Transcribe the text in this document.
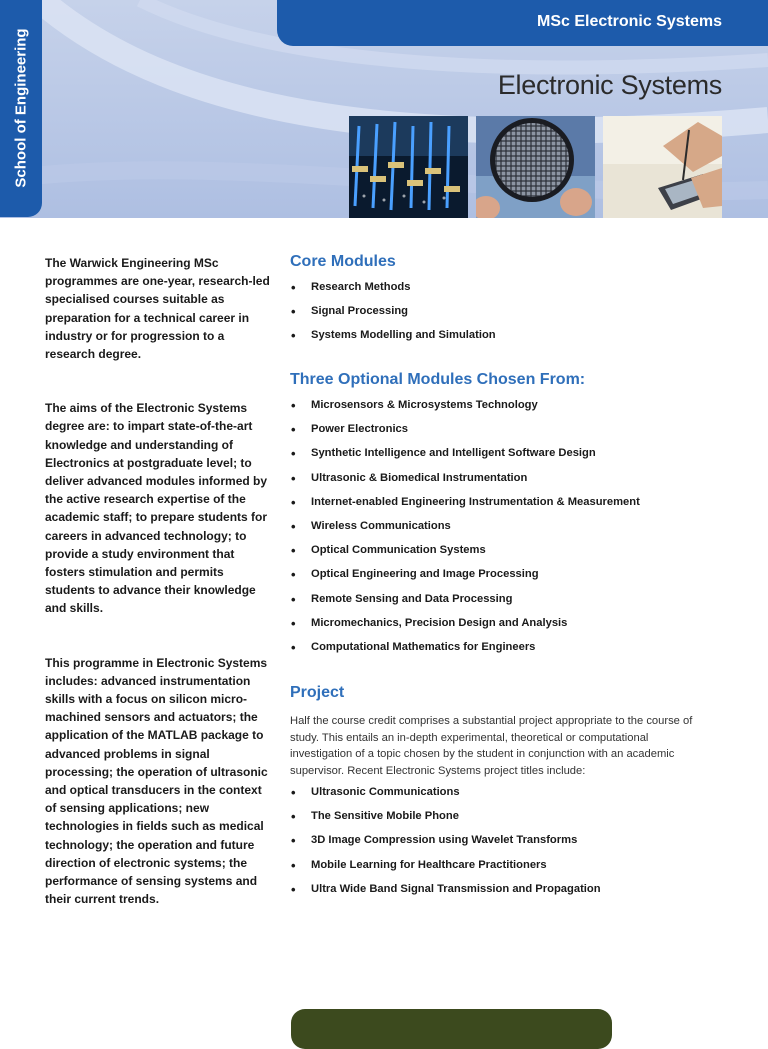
School of Engineering
MSc Electronic Systems
Electronic Systems

The Warwick Engineering MSc programmes are one-year, research-led specialised courses suitable as preparation for a technical career in industry or for progression to a research degree.

The aims of the Electronic Systems degree are: to impart state-of-the-art knowledge and understanding of Electronics at postgraduate level; to deliver advanced modules informed by the active research expertise of the academic staff; to prepare students for careers in advanced technology; to provide a study environment that fosters stimulation and permits students to advance their knowledge and skills.

This programme in Electronic Systems includes: advanced instrumentation skills with a focus on silicon micro-machined sensors and actuators; the application of the MATLAB package to advanced problems in signal processing; the operation of ultrasonic and optical transducers in the context of sensing applications; new technologies in fields such as medical technology; the operation and future direction of electronic systems; the performance of sensing systems and their current trends.

Core Modules
• Research Methods
• Signal Processing
• Systems Modelling and Simulation
Three Optional Modules Chosen From:
• Microsensors & Microsystems Technology
• Power Electronics
• Synthetic Intelligence and Intelligent Software Design
• Ultrasonic & Biomedical Instrumentation
• Internet-enabled Engineering Instrumentation & Measurement
• Wireless Communications
• Optical Communication Systems
• Optical Engineering and Image Processing
• Remote Sensing and Data Processing
• Micromechanics, Precision Design and Analysis
• Computational Mathematics for Engineers
Project

Half the course credit comprises a substantial project appropriate to the course of study. This entails an in-depth experimental, theoretical or computational investigation of a topic chosen by the student in conjunction with an academic supervisor. Recent Electronic Systems project titles include:

• Ultrasonic Communications
• The Sensitive Mobile Phone
• 3D Image Compression using Wavelet Transforms
• Mobile Learning for Healthcare Practitioners
• Ultra Wide Band Signal Transmission and Propagation
